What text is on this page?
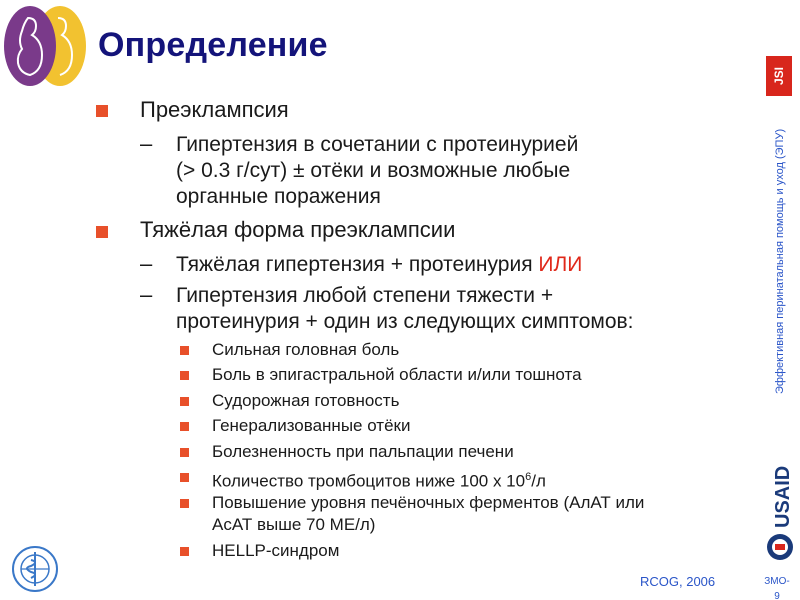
Определение
Преэклампсия
– Гипертензия в сочетании с протеинурией
(> 0.3 г/сут) ± отёки и возможные любые
органные поражения
Тяжёлая форма преэклампсии
– Тяжёлая гипертензия + протеинурия ИЛИ
– Гипертензия любой степени тяжести +
протеинурия + один из следующих симптомов:
Сильная головная боль
Боль в эпигастральной области и/или тошнота
Судорожная готовность
Генерализованные отёки
Болезненность при пальпации печени
Количество тромбоцитов ниже 100 x $10^6/л$
Повышение уровня печёночных ферментов (АлАТ или
АсАТ выше 70 МЕ/л)
HELLP-синдром
JSI
Эффективная перинатальная помощь и уход (ЭПУ)
USAID
RCOG, 2006	ЗМО-
9
